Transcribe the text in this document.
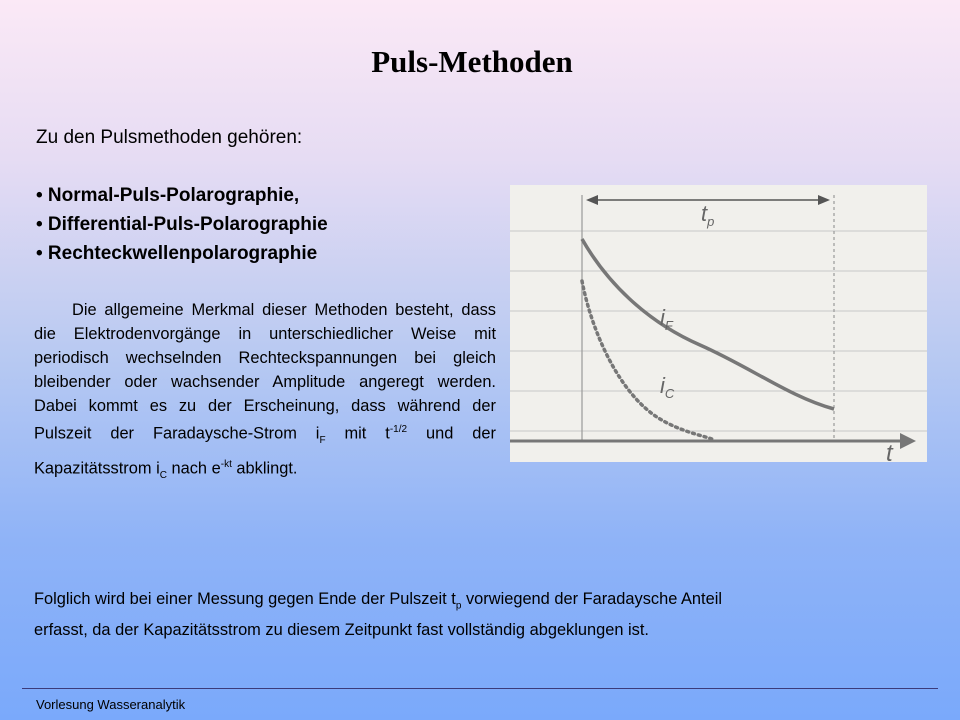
Puls-Methoden
Zu den Pulsmethoden gehören:
• Normal-Puls-Polarographie,
• Differential-Puls-Polarographie
• Rechteckwellenpolarographie
Die allgemeine Merkmal dieser Methoden besteht, dass die Elektrodenvorgänge in unterschiedlicher Weise mit periodisch wechselnden Rechteckspannungen bei gleich bleibender oder wachsender Amplitude angeregt werden. Dabei kommt es zu der Erscheinung, dass während der Pulszeit der Faradaysche-Strom $i_F$ mit $t^{-1/2}$ und der Kapazitätsstrom $i_C$ nach $e^{-kt}$ abklingt.
$t_p$
t
$i_F$
$i_C$
Folglich wird bei einer Messung gegen Ende der Pulszeit $t_p$ vorwiegend der Faradaysche Anteil erfasst, da der Kapazitätsstrom zu diesem Zeitpunkt fast vollständig abgeklungen ist.
Vorlesung Wasseranalytik
